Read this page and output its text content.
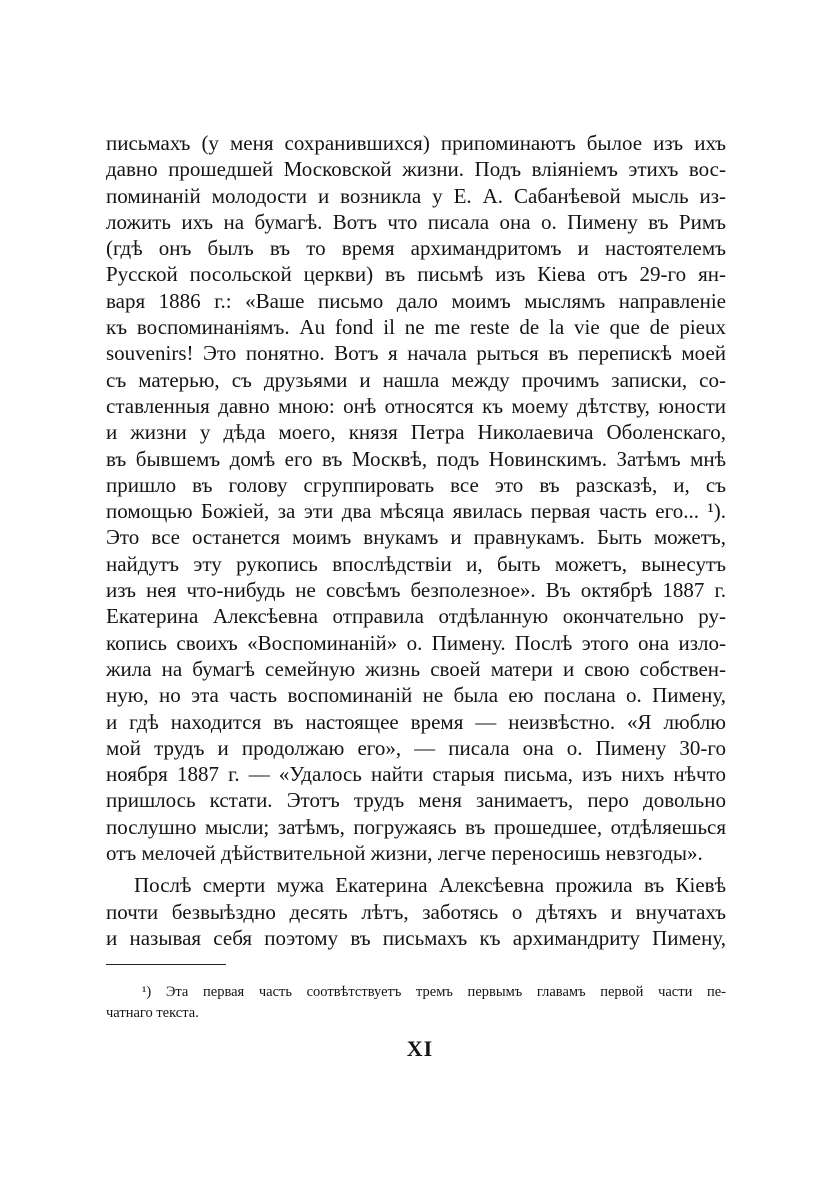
письмахъ (у меня сохранившихся) припоминаютъ былое изъ ихъ
давно прошедшей Московской жизни. Подъ вліяніемъ этихъ вос-
поминаній молодости и возникла у Е. А. Сабанѣевой мысль из-
ложить ихъ на бумагѣ. Вотъ что писала она о. Пимену въ Римъ
(гдѣ онъ былъ въ то время архимандритомъ и настоятелемъ
Русской посольской церкви) въ письмѣ изъ Кіева отъ 29-го ян-
варя 1886 г.: «Ваше письмо дало моимъ мыслямъ направленіе
къ воспоминаніямъ. Au fond il ne me reste de la vie que de pieux
souvenirs! Это понятно. Вотъ я начала рыться въ перепискѣ моей
съ матерью, съ друзьями и нашла между прочимъ записки, со-
ставленныя давно мною: онѣ относятся къ моему дѣтству, юности
и жизни у дѣда моего, князя Петра Николаевича Оболенскаго,
въ бывшемъ домѣ его въ Москвѣ, подъ Новинскимъ. Затѣмъ мнѣ
пришло въ голову сгруппировать все это въ разсказѣ, и, съ
помощью Божіей, за эти два мѣсяца явилась первая часть его... ¹).
Это все останется моимъ внукамъ и правнукамъ. Быть можетъ,
найдутъ эту рукопись впослѣдствіи и, быть можетъ, вынесутъ
изъ нея что-нибудь не совсѣмъ безполезное». Въ октябрѣ 1887 г.
Екатерина Алексѣевна отправила отдѣланную окончательно ру-
копись своихъ «Воспоминаній» о. Пимену. Послѣ этого она изло-
жила на бумагѣ семейную жизнь своей матери и свою собствен-
ную, но эта часть воспоминаній не была ею послана о. Пимену,
и гдѣ находится въ настоящее время — неизвѣстно. «Я люблю
мой трудъ и продолжаю его», — писала она о. Пимену 30-го
ноября 1887 г. — «Удалось найти старыя письма, изъ нихъ нѣчто
пришлось кстати. Этотъ трудъ меня занимаетъ, перо довольно
послушно мысли; затѣмъ, погружаясь въ прошедшее, отдѣляешься
отъ мелочей дѣйствительной жизни, легче переносишь невзгоды».
Послѣ смерти мужа Екатерина Алексѣевна прожила въ Кіевѣ
почти безвыѣздно десять лѣтъ, заботясь о дѣтяхъ и внучатахъ
и называя себя поэтому въ письмахъ къ архимандриту Пимену,
¹) Эта первая часть соотвѣтствуетъ тремъ первымъ главамъ первой части пе-
чатнаго текста.
XI
